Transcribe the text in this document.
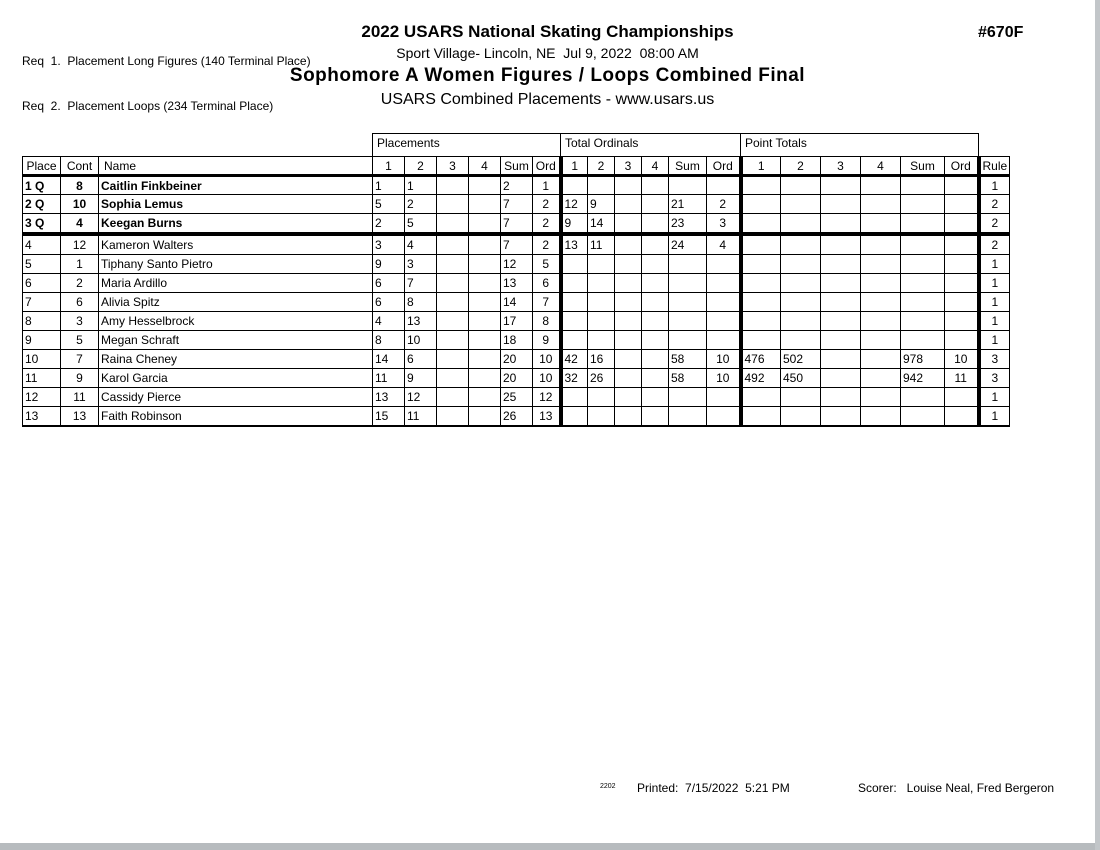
Req  1.  Placement Long Figures (140 Terminal Place)

Req  2.  Placement Loops (234 Terminal Place)

2022 USARS National Skating Championships
Sport Village- Lincoln, NE  Jul 9, 2022  08:00 AM
Sophomore A Women Figures / Loops Combined Final
USARS Combined Placements - www.usars.us
#670F
			Placements						Total Ordinals						Point Totals						
Place	Cont	Name	1	2	3	4	Sum	Ord	1	2	3	4	Sum	Ord	1	2	3	4	Sum	Ord	Rule
1 Q	8	Caitlin Finkbeiner	1	1			2	1													1
2 Q	10	Sophia Lemus	5	2			7	2	12	9			21	2							2
3 Q	4	Keegan Burns	2	5			7	2	9	14			23	3							2

4	12	Kameron Walters	3	4			7	2	13	11			24	4							2
5	1	Tiphany Santo Pietro	9	3			12	5													1
6	2	Maria Ardillo	6	7			13	6													1
7	6	Alivia Spitz	6	8			14	7													1
8	3	Amy Hesselbrock	4	13			17	8													1
9	5	Megan Schraft	8	10			18	9													1
10	7	Raina Cheney	14	6			20	10	42	16			58	10	476	502			978	10	3
11	9	Karol Garcia	11	9			20	10	32	26			58	10	492	450			942	11	3
12	11	Cassidy Pierce	13	12			25	12													1
13	13	Faith Robinson	15	11			26	13													1
2202 Printed:  7/15/2022  5:21 PM	Scorer:   Louise Neal, Fred Bergeron
